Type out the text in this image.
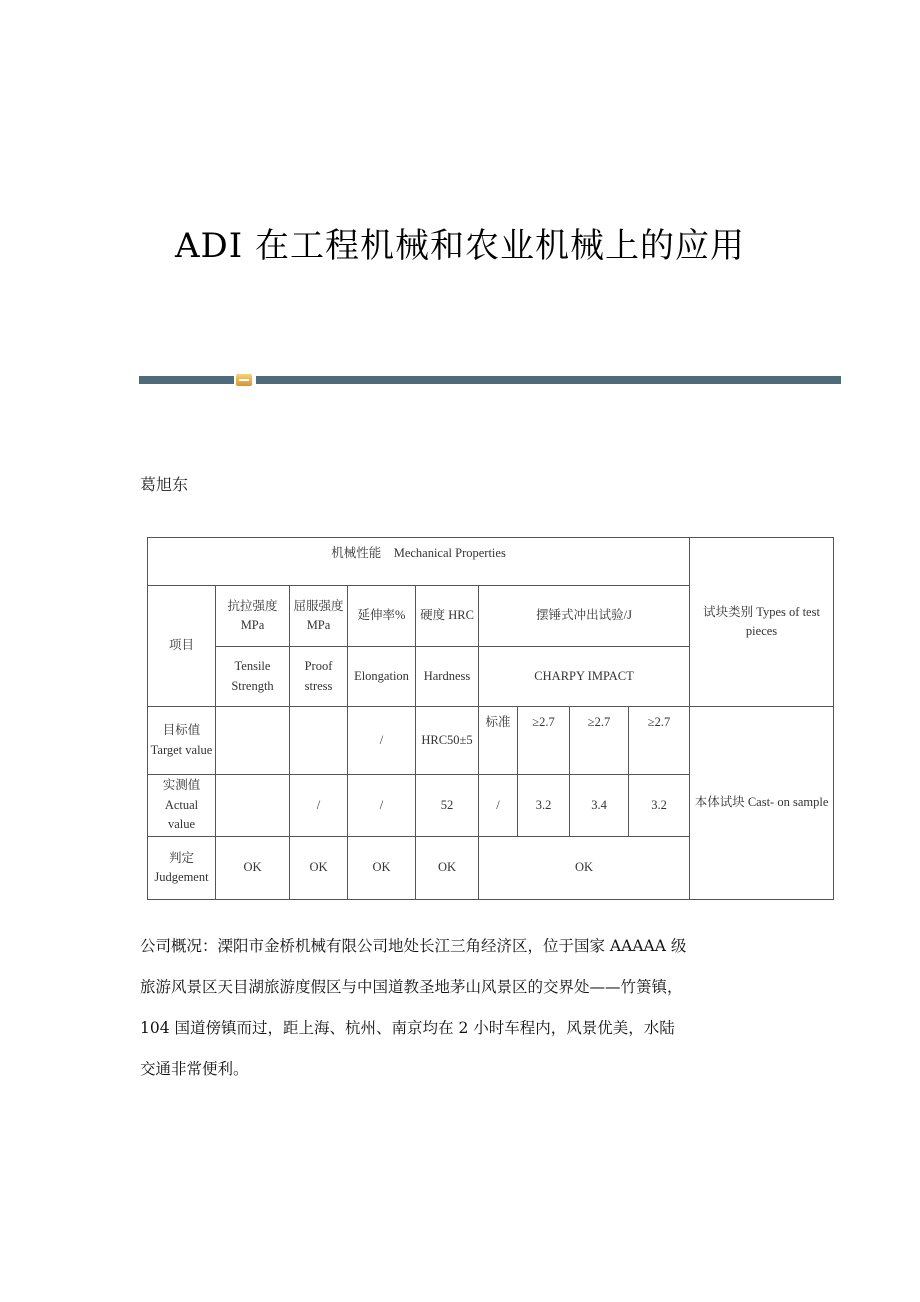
ADI 在工程机械和农业机械上的应用
葛旭东
机械性能　Mechanical Properties									试块类别 Types of test pieces
项目	抗拉强度 MPa	屈服强度 MPa	延伸率%	硬度 HRC	摆锤式冲出试验/J				
	Tensile Strength	Proof stress	Elongation	Hardness	CHARPY IMPACT				
目标值 Target value			/	HRC50±5	标准	≥2.7	≥2.7	≥2.7	本体试块 Cast- on sample
实测值 Actual value		/	/	52	/	3.2	3.4	3.2	
判定 Judgement	OK	OK	OK	OK	OK				

公司概况：溧阳市金桥机械有限公司地处长江三角经济区，位于国家 AAAAA 级

旅游风景区天目湖旅游度假区与中国道教圣地茅山风景区的交界处——竹箦镇，

104 国道傍镇而过，距上海、杭州、南京均在 2 小时车程内，风景优美，水陆

交通非常便利。
